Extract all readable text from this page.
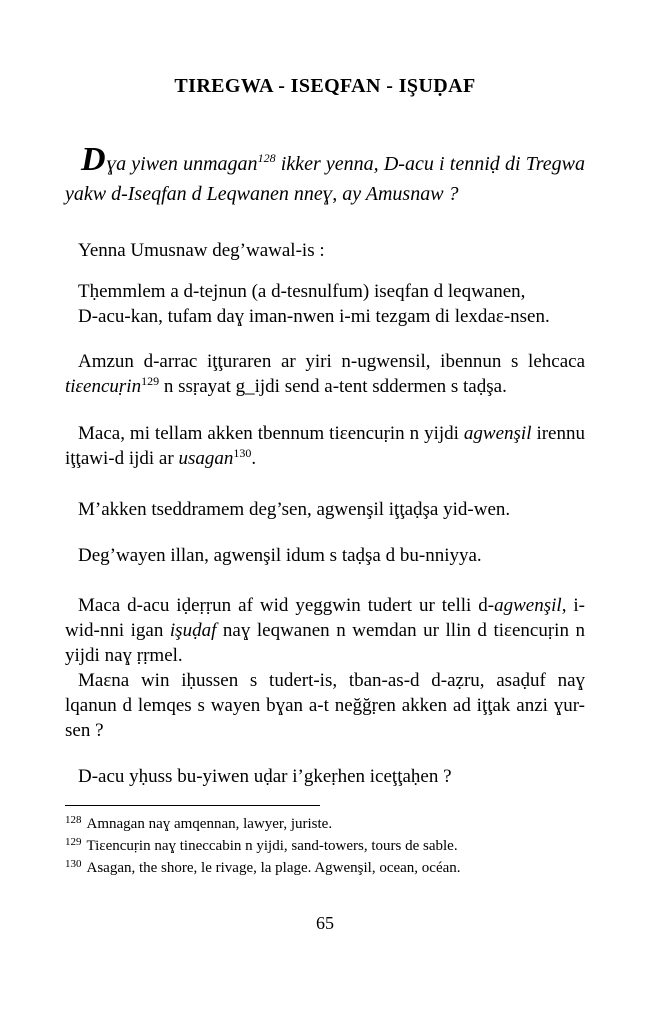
TIREGWA - ISEQFAN - IŞUḌAF

Dɣa yiwen unmagan$^{128}$ ikker yenna, D-acu i tenniḍ di Tregwa yakw d-Iseqfan d Leqwanen nneɣ, ay Amusnaw ?

Yenna Umusnaw deg’wawal-is :

Tḥemmlem a d-tejnun (a d-tesnulfum) iseqfan d leqwanen,

D-acu-kan, tufam daɣ iman-nwen i-mi tezgam di lexdaɛ-nsen.

Amzun d-arrac iţţuraren ar yiri n-ugwensil, ibennun s lehcaca tiɛencuṛin$^{129}$ n ssṛayat g_ijdi send a-tent sddermen s taḍşa.

Maca, mi tellam akken tbennum tiɛencuṛin n yijdi agwenşil irennu iţţawi-d ijdi ar usagan$^{130}$.

M’akken tseddramem deg’sen, agwenşil iţţaḍşa yid-wen.

Deg’wayen illan, agwenşil idum s taḍşa d bu-nniyya.

Maca d-acu iḍeṛṛun af wid yeggwin tudert ur telli d-agwenşil, i-wid-nni igan işuḍaf naɣ leqwanen n wemdan ur llin d tiɛencuṛin n yijdi naɣ ṛṛmel.

Maɛna win iḥussen s tudert-is, tban-as-d d-aẓru, asaḍuf naɣ lqanun d lemqes s wayen bɣan a-t neğğṛen akken ad iţţak anzi ɣur-sen ?

D-acu yḥuss bu-yiwen uḍar i’gkeṛhen iceţţaḥen ?

$^{128}$ Amnagan naɣ amqennan, lawyer, juriste.
$^{129}$ Tiɛencuṛin naɣ tineccabin n yijdi, sand-towers, tours de sable.
$^{130}$ Asagan, the shore, le rivage, la plage. Agwenşil, ocean, océan.
65
